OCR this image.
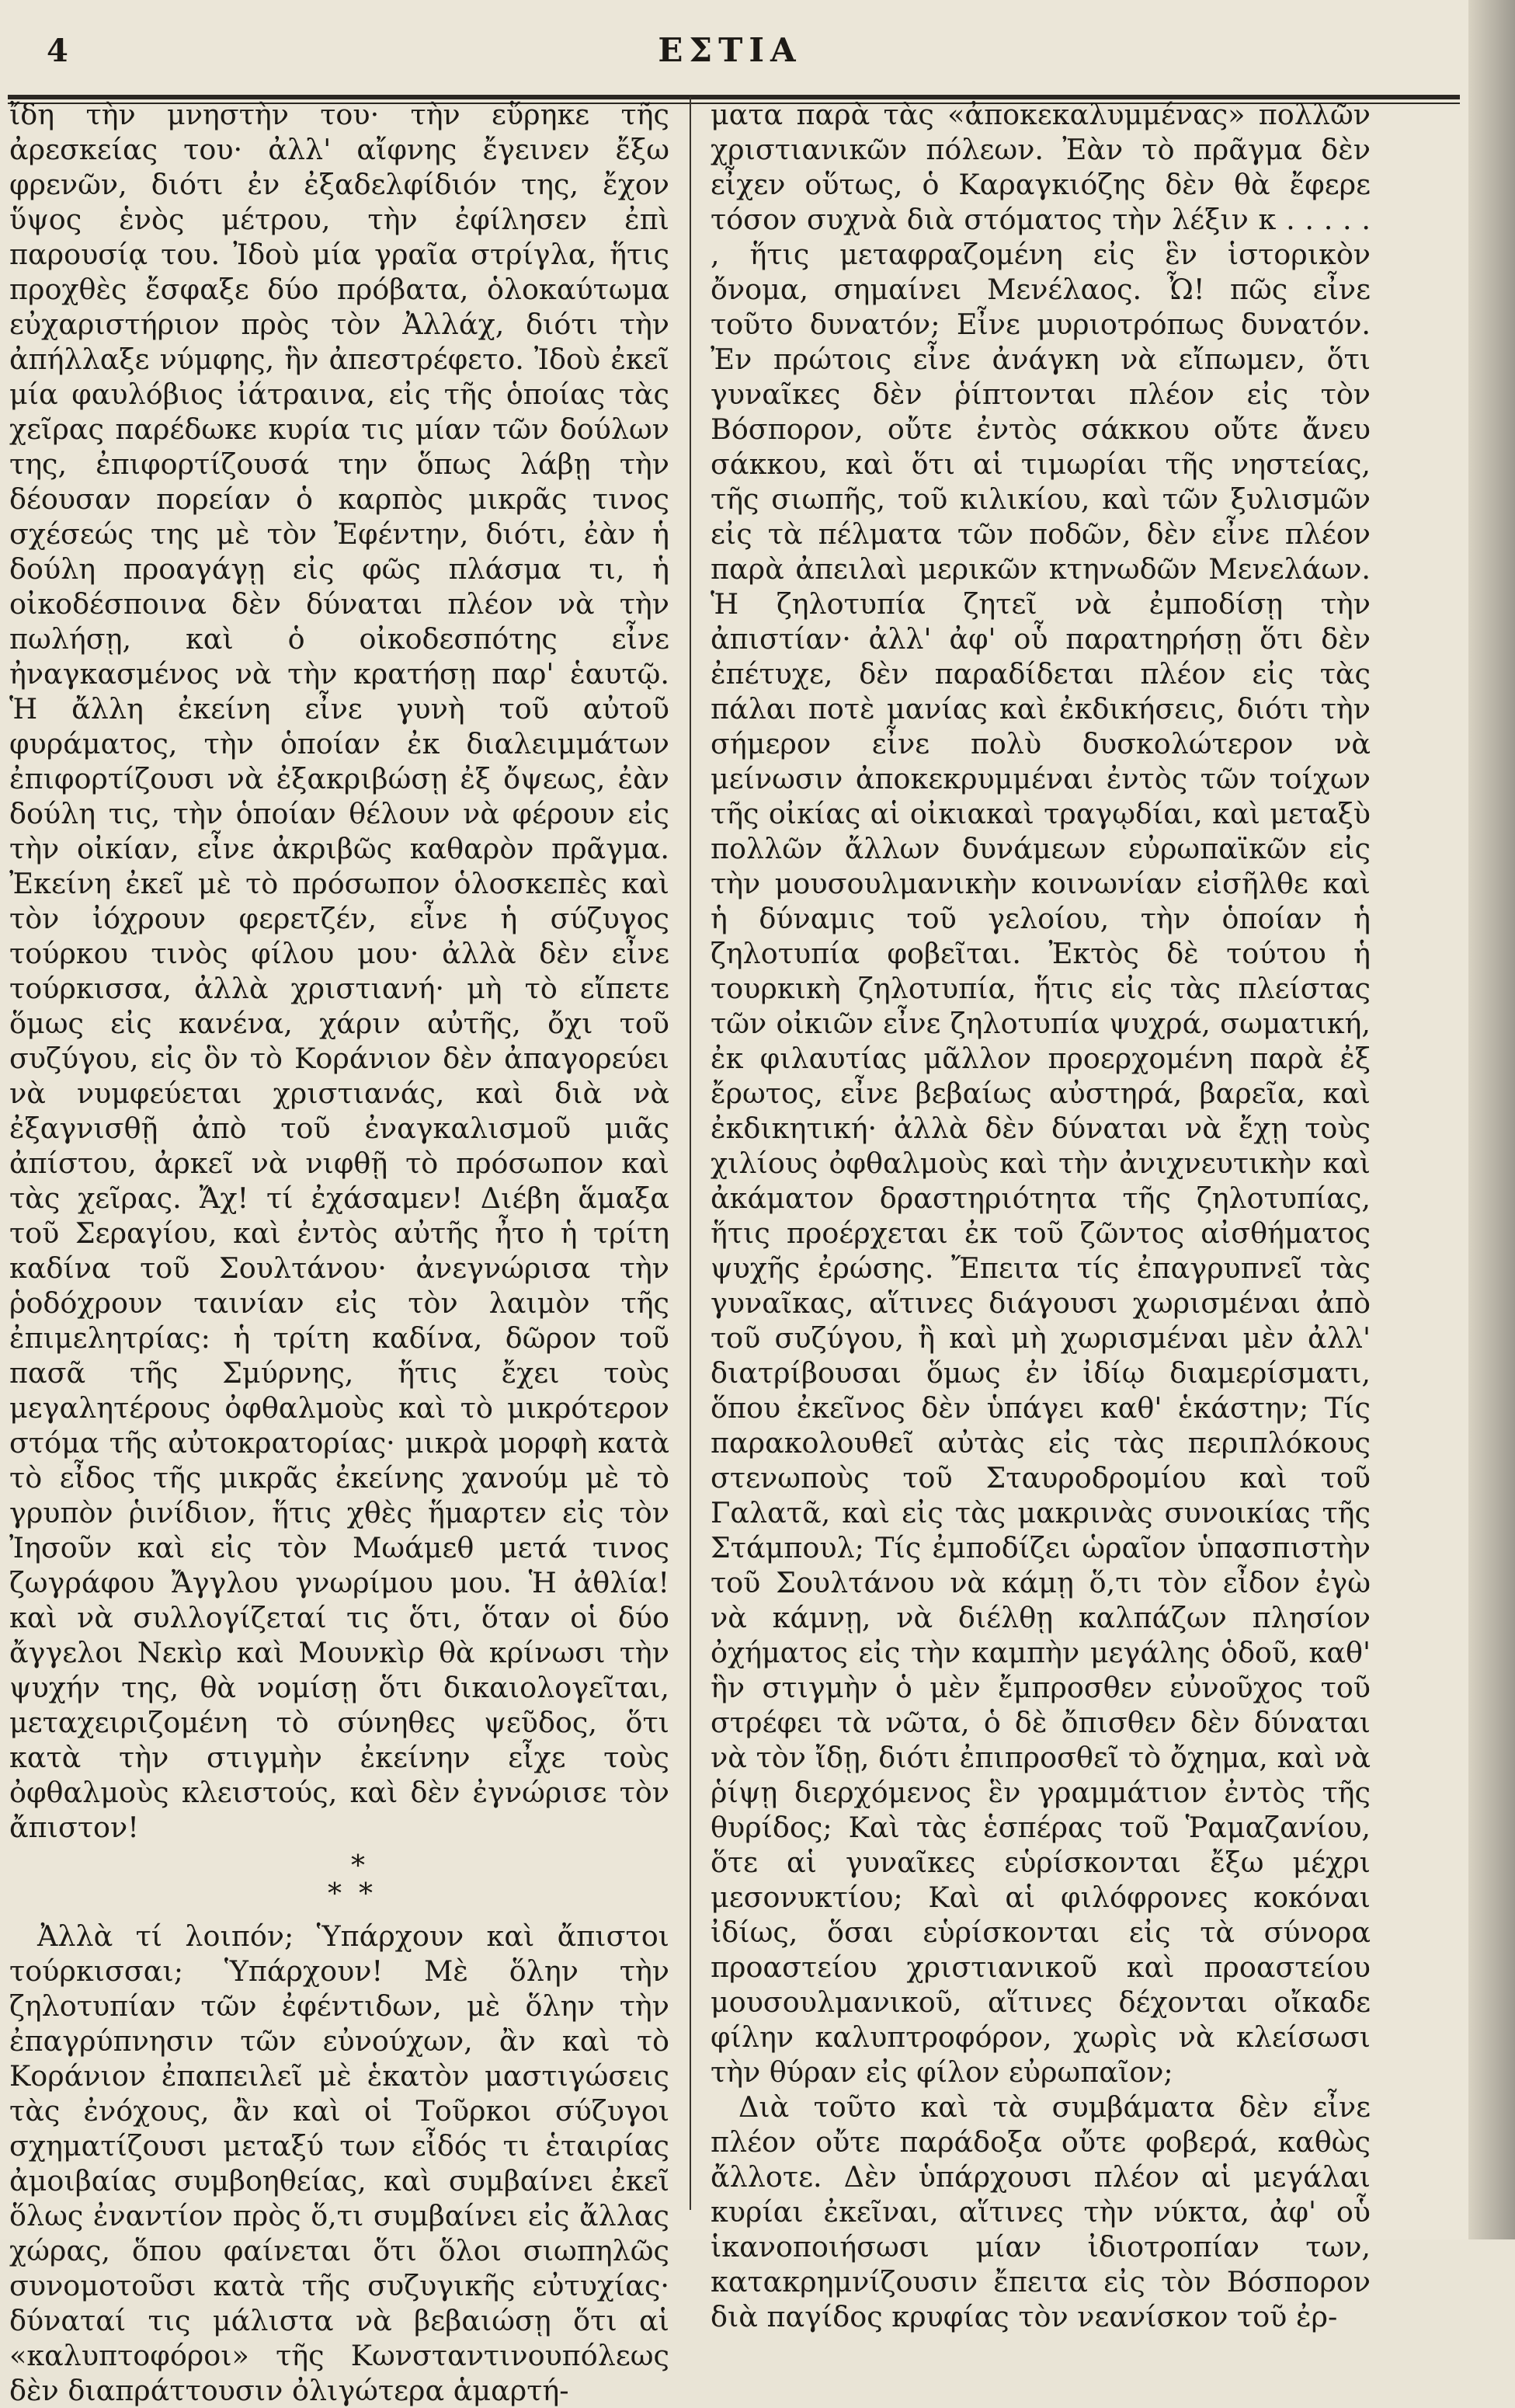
4	ΕΣΤΙΑ

ἴδη τὴν μνηστὴν του· τὴν εὕρηκε τῆς ἀρεσκείας του· ἀλλ' αἴφνης ἔγεινεν ἔξω φρενῶν, διότι ἐν ἐξαδελφίδιόν της, ἔχον ὕψος ἑνὸς μέτρου, τὴν ἐφίλησεν ἐπὶ παρουσίᾳ του. Ἰδοὺ μία γραῖα στρίγλα, ἥτις προχθὲς ἔσφαξε δύο πρόβατα, ὁλοκαύτωμα εὐχαριστήριον πρὸς τὸν Ἀλλάχ, διότι τὴν ἀπήλλαξε νύμφης, ἣν ἀπεστρέφετο. Ἰδοὺ ἐκεῖ μία φαυλόβιος ἰάτραινα, εἰς τῆς ὁποίας τὰς χεῖρας παρέδωκε κυρία τις μίαν τῶν δούλων της, ἐπιφορτίζουσά την ὅπως λάβῃ τὴν δέουσαν πορείαν ὁ καρπὸς μικρᾶς τινος σχέσεώς της μὲ τὸν Ἐφέντην, διότι, ἐὰν ἡ δούλη προαγάγῃ εἰς φῶς πλάσμα τι, ἡ οἰκοδέσποινα δὲν δύναται πλέον νὰ τὴν πωλήσῃ, καὶ ὁ οἰκοδεσπότης εἶνε ἠναγκασμένος νὰ τὴν κρατήσῃ παρ' ἑαυτῷ. Ἡ ἄλλη ἐκείνη εἶνε γυνὴ τοῦ αὐτοῦ φυράματος, τὴν ὁποίαν ἐκ διαλειμμάτων ἐπιφορτίζουσι νὰ ἐξακριβώσῃ ἐξ ὄψεως, ἐὰν δούλη τις, τὴν ὁποίαν θέλουν νὰ φέρουν εἰς τὴν οἰκίαν, εἶνε ἀκριβῶς καθαρὸν πρᾶγμα. Ἐκείνη ἐκεῖ μὲ τὸ πρόσωπον ὁλοσκεπὲς καὶ τὸν ἰόχρουν φερετζέν, εἶνε ἡ σύζυγος τούρκου τινὸς φίλου μου· ἀλλὰ δὲν εἶνε τούρκισσα, ἀλλὰ χριστιανή· μὴ τὸ εἴπετε ὅμως εἰς κανένα, χάριν αὐτῆς, ὄχι τοῦ συζύγου, εἰς ὃν τὸ Κοράνιον δὲν ἀπαγορεύει νὰ νυμφεύεται χριστιανάς, καὶ διὰ νὰ ἐξαγνισθῇ ἀπὸ τοῦ ἐναγκαλισμοῦ μιᾶς ἀπίστου, ἀρκεῖ νὰ νιφθῇ τὸ πρόσωπον καὶ τὰς χεῖρας. Ἄχ! τί ἐχάσαμεν! Διέβη ἅμαξα τοῦ Σεραγίου, καὶ ἐντὸς αὐτῆς ἦτο ἡ τρίτη καδίνα τοῦ Σουλτάνου· ἀνεγνώρισα τὴν ῥοδόχρουν ταινίαν εἰς τὸν λαιμὸν τῆς ἐπιμελητρίας: ἡ τρίτη καδίνα, δῶρον τοῦ πασᾶ τῆς Σμύρνης, ἥτις ἔχει τοὺς μεγαλητέρους ὀφθαλμοὺς καὶ τὸ μικρότερον στόμα τῆς αὐτοκρατορίας· μικρὰ μορφὴ κατὰ τὸ εἶδος τῆς μικρᾶς ἐκείνης χανούμ μὲ τὸ γρυπὸν ῥινίδιον, ἥτις χθὲς ἥμαρτεν εἰς τὸν Ἰησοῦν καὶ εἰς τὸν Μωάμεθ μετά τινος ζωγράφου Ἄγγλου γνωρίμου μου. Ἡ ἀθλία! καὶ νὰ συλλογίζεταί τις ὅτι, ὅταν οἱ δύο ἄγγελοι Νεκὶρ καὶ Μουνκὶρ θὰ κρίνωσι τὴν ψυχήν της, θὰ νομίσῃ ὅτι δικαιολογεῖται, μεταχειριζομένη τὸ σύνηθες ψεῦδος, ὅτι κατὰ τὴν στιγμὴν ἐκείνην εἶχε τοὺς ὀφθαλμοὺς κλειστούς, καὶ δὲν ἐγνώρισε τὸν ἄπιστον!

*
* *

Ἀλλὰ τί λοιπόν; Ὑπάρχουν καὶ ἄπιστοι τούρκισσαι; Ὑπάρχουν! Μὲ ὅλην τὴν ζηλοτυπίαν τῶν ἐφέντιδων, μὲ ὅλην τὴν ἐπαγρύπνησιν τῶν εὐνούχων, ἂν καὶ τὸ Κοράνιον ἐπαπειλεῖ μὲ ἑκατὸν μαστιγώσεις τὰς ἐνόχους, ἂν καὶ οἱ Τοῦρκοι σύζυγοι σχηματίζουσι μεταξύ των εἶδός τι ἑταιρίας ἀμοιβαίας συμβοηθείας, καὶ συμβαίνει ἐκεῖ ὅλως ἐναντίον πρὸς ὅ,τι συμβαίνει εἰς ἄλλας χώρας, ὅπου φαίνεται ὅτι ὅλοι σιωπηλῶς συνομοτοῦσι κατὰ τῆς συζυγικῆς εὐτυχίας· δύναταί τις μάλιστα νὰ βεβαιώσῃ ὅτι αἱ «καλυπτοφόροι» τῆς Κωνσταντινουπόλεως δὲν διαπράττουσιν ὀλιγώτερα ἁμαρτή-

ματα παρὰ τὰς «ἀποκεκαλυμμένας» πολλῶν χριστιανικῶν πόλεων. Ἐὰν τὸ πρᾶγμα δὲν εἶχεν οὕτως, ὁ Καραγκιόζης δὲν θὰ ἔφερε τόσον συχνὰ διὰ στόματος τὴν λέξιν κ . . . . . , ἥτις μεταφραζομένη εἰς ἓν ἱστορικὸν ὄνομα, σημαίνει Μενέλαος. Ὦ! πῶς εἶνε τοῦτο δυνατόν; Εἶνε μυριοτρόπως δυνατόν. Ἐν πρώτοις εἶνε ἀνάγκη νὰ εἴπωμεν, ὅτι γυναῖκες δὲν ῥίπτονται πλέον εἰς τὸν Βόσπορον, οὔτε ἐντὸς σάκκου οὔτε ἄνευ σάκκου, καὶ ὅτι αἱ τιμωρίαι τῆς νηστείας, τῆς σιωπῆς, τοῦ κιλικίου, καὶ τῶν ξυλισμῶν εἰς τὰ πέλματα τῶν ποδῶν, δὲν εἶνε πλέον παρὰ ἀπειλαὶ μερικῶν κτηνωδῶν Μενελάων. Ἡ ζηλοτυπία ζητεῖ νὰ ἐμποδίσῃ τὴν ἀπιστίαν· ἀλλ' ἀφ' οὗ παρατηρήσῃ ὅτι δὲν ἐπέτυχε, δὲν παραδίδεται πλέον εἰς τὰς πάλαι ποτὲ μανίας καὶ ἐκδικήσεις, διότι τὴν σήμερον εἶνε πολὺ δυσκολώτερον νὰ μείνωσιν ἀποκεκρυμμέναι ἐντὸς τῶν τοίχων τῆς οἰκίας αἱ οἰκιακαὶ τραγῳδίαι, καὶ μεταξὺ πολλῶν ἄλλων δυνάμεων εὐρωπαϊκῶν εἰς τὴν μουσουλμανικὴν κοινωνίαν εἰσῆλθε καὶ ἡ δύναμις τοῦ γελοίου, τὴν ὁποίαν ἡ ζηλοτυπία φοβεῖται. Ἐκτὸς δὲ τούτου ἡ τουρκικὴ ζηλοτυπία, ἥτις εἰς τὰς πλείστας τῶν οἰκιῶν εἶνε ζηλοτυπία ψυχρά, σωματική, ἐκ φιλαυτίας μᾶλλον προερχομένη παρὰ ἐξ ἔρωτος, εἶνε βεβαίως αὐστηρά, βαρεῖα, καὶ ἐκδικητική· ἀλλὰ δὲν δύναται νὰ ἔχῃ τοὺς χιλίους ὀφθαλμοὺς καὶ τὴν ἀνιχνευτικὴν καὶ ἀκάματον δραστηριότητα τῆς ζηλοτυπίας, ἥτις προέρχεται ἐκ τοῦ ζῶντος αἰσθήματος ψυχῆς ἐρώσης. Ἔπειτα τίς ἐπαγρυπνεῖ τὰς γυναῖκας, αἵτινες διάγουσι χωρισμέναι ἀπὸ τοῦ συζύγου, ἢ καὶ μὴ χωρισμέναι μὲν ἀλλ' διατρίβουσαι ὅμως ἐν ἰδίῳ διαμερίσματι, ὅπου ἐκεῖνος δὲν ὑπάγει καθ' ἑκάστην; Τίς παρακολουθεῖ αὐτὰς εἰς τὰς περιπλόκους στενωποὺς τοῦ Σταυροδρομίου καὶ τοῦ Γαλατᾶ, καὶ εἰς τὰς μακρινὰς συνοικίας τῆς Στάμπουλ; Τίς ἐμποδίζει ὡραῖον ὑπασπιστὴν τοῦ Σουλτάνου νὰ κάμῃ ὅ,τι τὸν εἶδον ἐγὼ νὰ κάμνῃ, νὰ διέλθῃ καλπάζων πλησίον ὀχήματος εἰς τὴν καμπὴν μεγάλης ὁδοῦ, καθ' ἣν στιγμὴν ὁ μὲν ἔμπροσθεν εὐνοῦχος τοῦ στρέφει τὰ νῶτα, ὁ δὲ ὄπισθεν δὲν δύναται νὰ τὸν ἴδῃ, διότι ἐπιπροσθεῖ τὸ ὄχημα, καὶ νὰ ῥίψῃ διερχόμενος ἓν γραμμάτιον ἐντὸς τῆς θυρίδος; Καὶ τὰς ἑσπέρας τοῦ Ῥαμαζανίου, ὅτε αἱ γυναῖκες εὑρίσκονται ἔξω μέχρι μεσονυκτίου; Καὶ αἱ φιλόφρονες κοκόναι ἰδίως, ὅσαι εὑρίσκονται εἰς τὰ σύνορα προαστείου χριστιανικοῦ καὶ προαστείου μουσουλμανικοῦ, αἵτινες δέχονται οἴκαδε φίλην καλυπτροφόρον, χωρὶς νὰ κλείσωσι τὴν θύραν εἰς φίλον εὐρωπαῖον;

Διὰ τοῦτο καὶ τὰ συμβάματα δὲν εἶνε πλέον οὔτε παράδοξα οὔτε φοβερά, καθὼς ἄλλοτε. Δὲν ὑπάρχουσι πλέον αἱ μεγάλαι κυρίαι ἐκεῖναι, αἵτινες τὴν νύκτα, ἀφ' οὗ ἱκανοποιήσωσι μίαν ἰδιοτροπίαν των, κατακρημνίζουσιν ἔπειτα εἰς τὸν Βόσπορον διὰ παγίδος κρυφίας τὸν νεανίσκον τοῦ ἐρ-
